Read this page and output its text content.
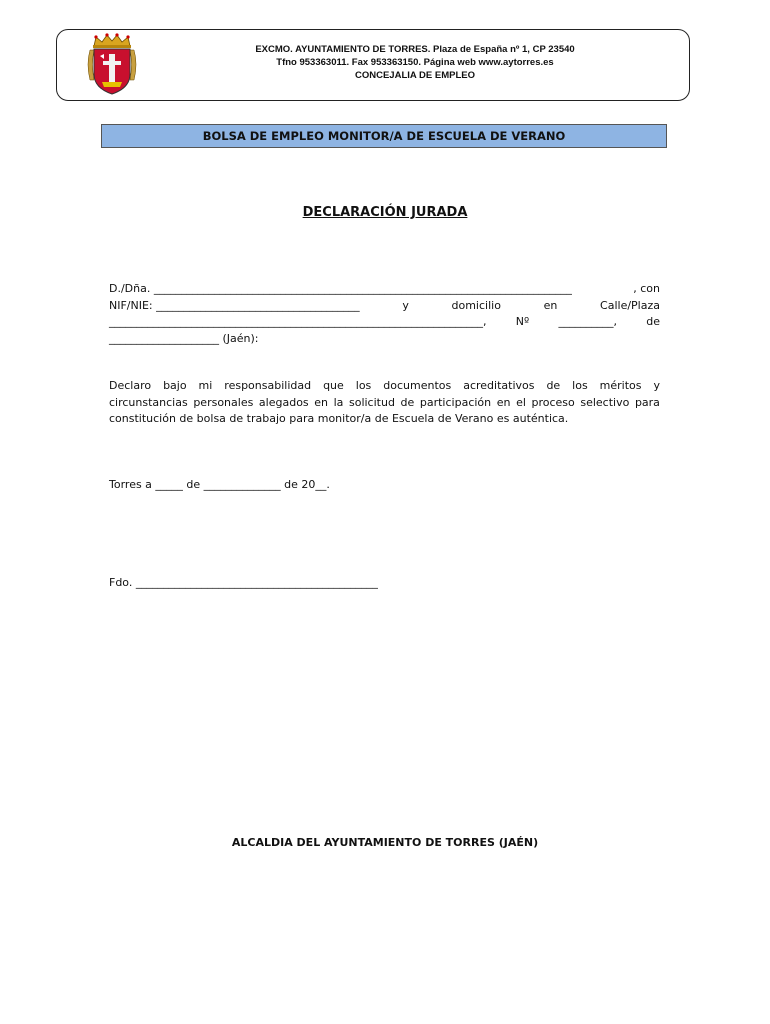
EXCMO. AYUNTAMIENTO DE TORRES. Plaza de España nº 1, CP 23540
Tfno 953363011. Fax 953363150. Página web www.aytorres.es
CONCEJALIA DE EMPLEO
BOLSA DE EMPLEO MONITOR/A DE ESCUELA DE VERANO
DECLARACIÓN JURADA
D./Dña. ____________________________________________________________________________	, con
NIF/NIE: _____________________________________	y	domicilio	en	Calle/Plaza
____________________________________________________________________,	Nº	__________,	de
____________________ (Jaén):
Declaro bajo mi responsabilidad que los documentos acreditativos de los méritos y
circunstancias personales alegados en la solicitud de participación en el proceso selectivo para
constitución de bolsa de trabajo para monitor/a de Escuela de Verano es auténtica.
Torres a _____ de ______________ de 20__.
Fdo. ____________________________________________
ALCALDIA DEL AYUNTAMIENTO DE TORRES (JAÉN)
